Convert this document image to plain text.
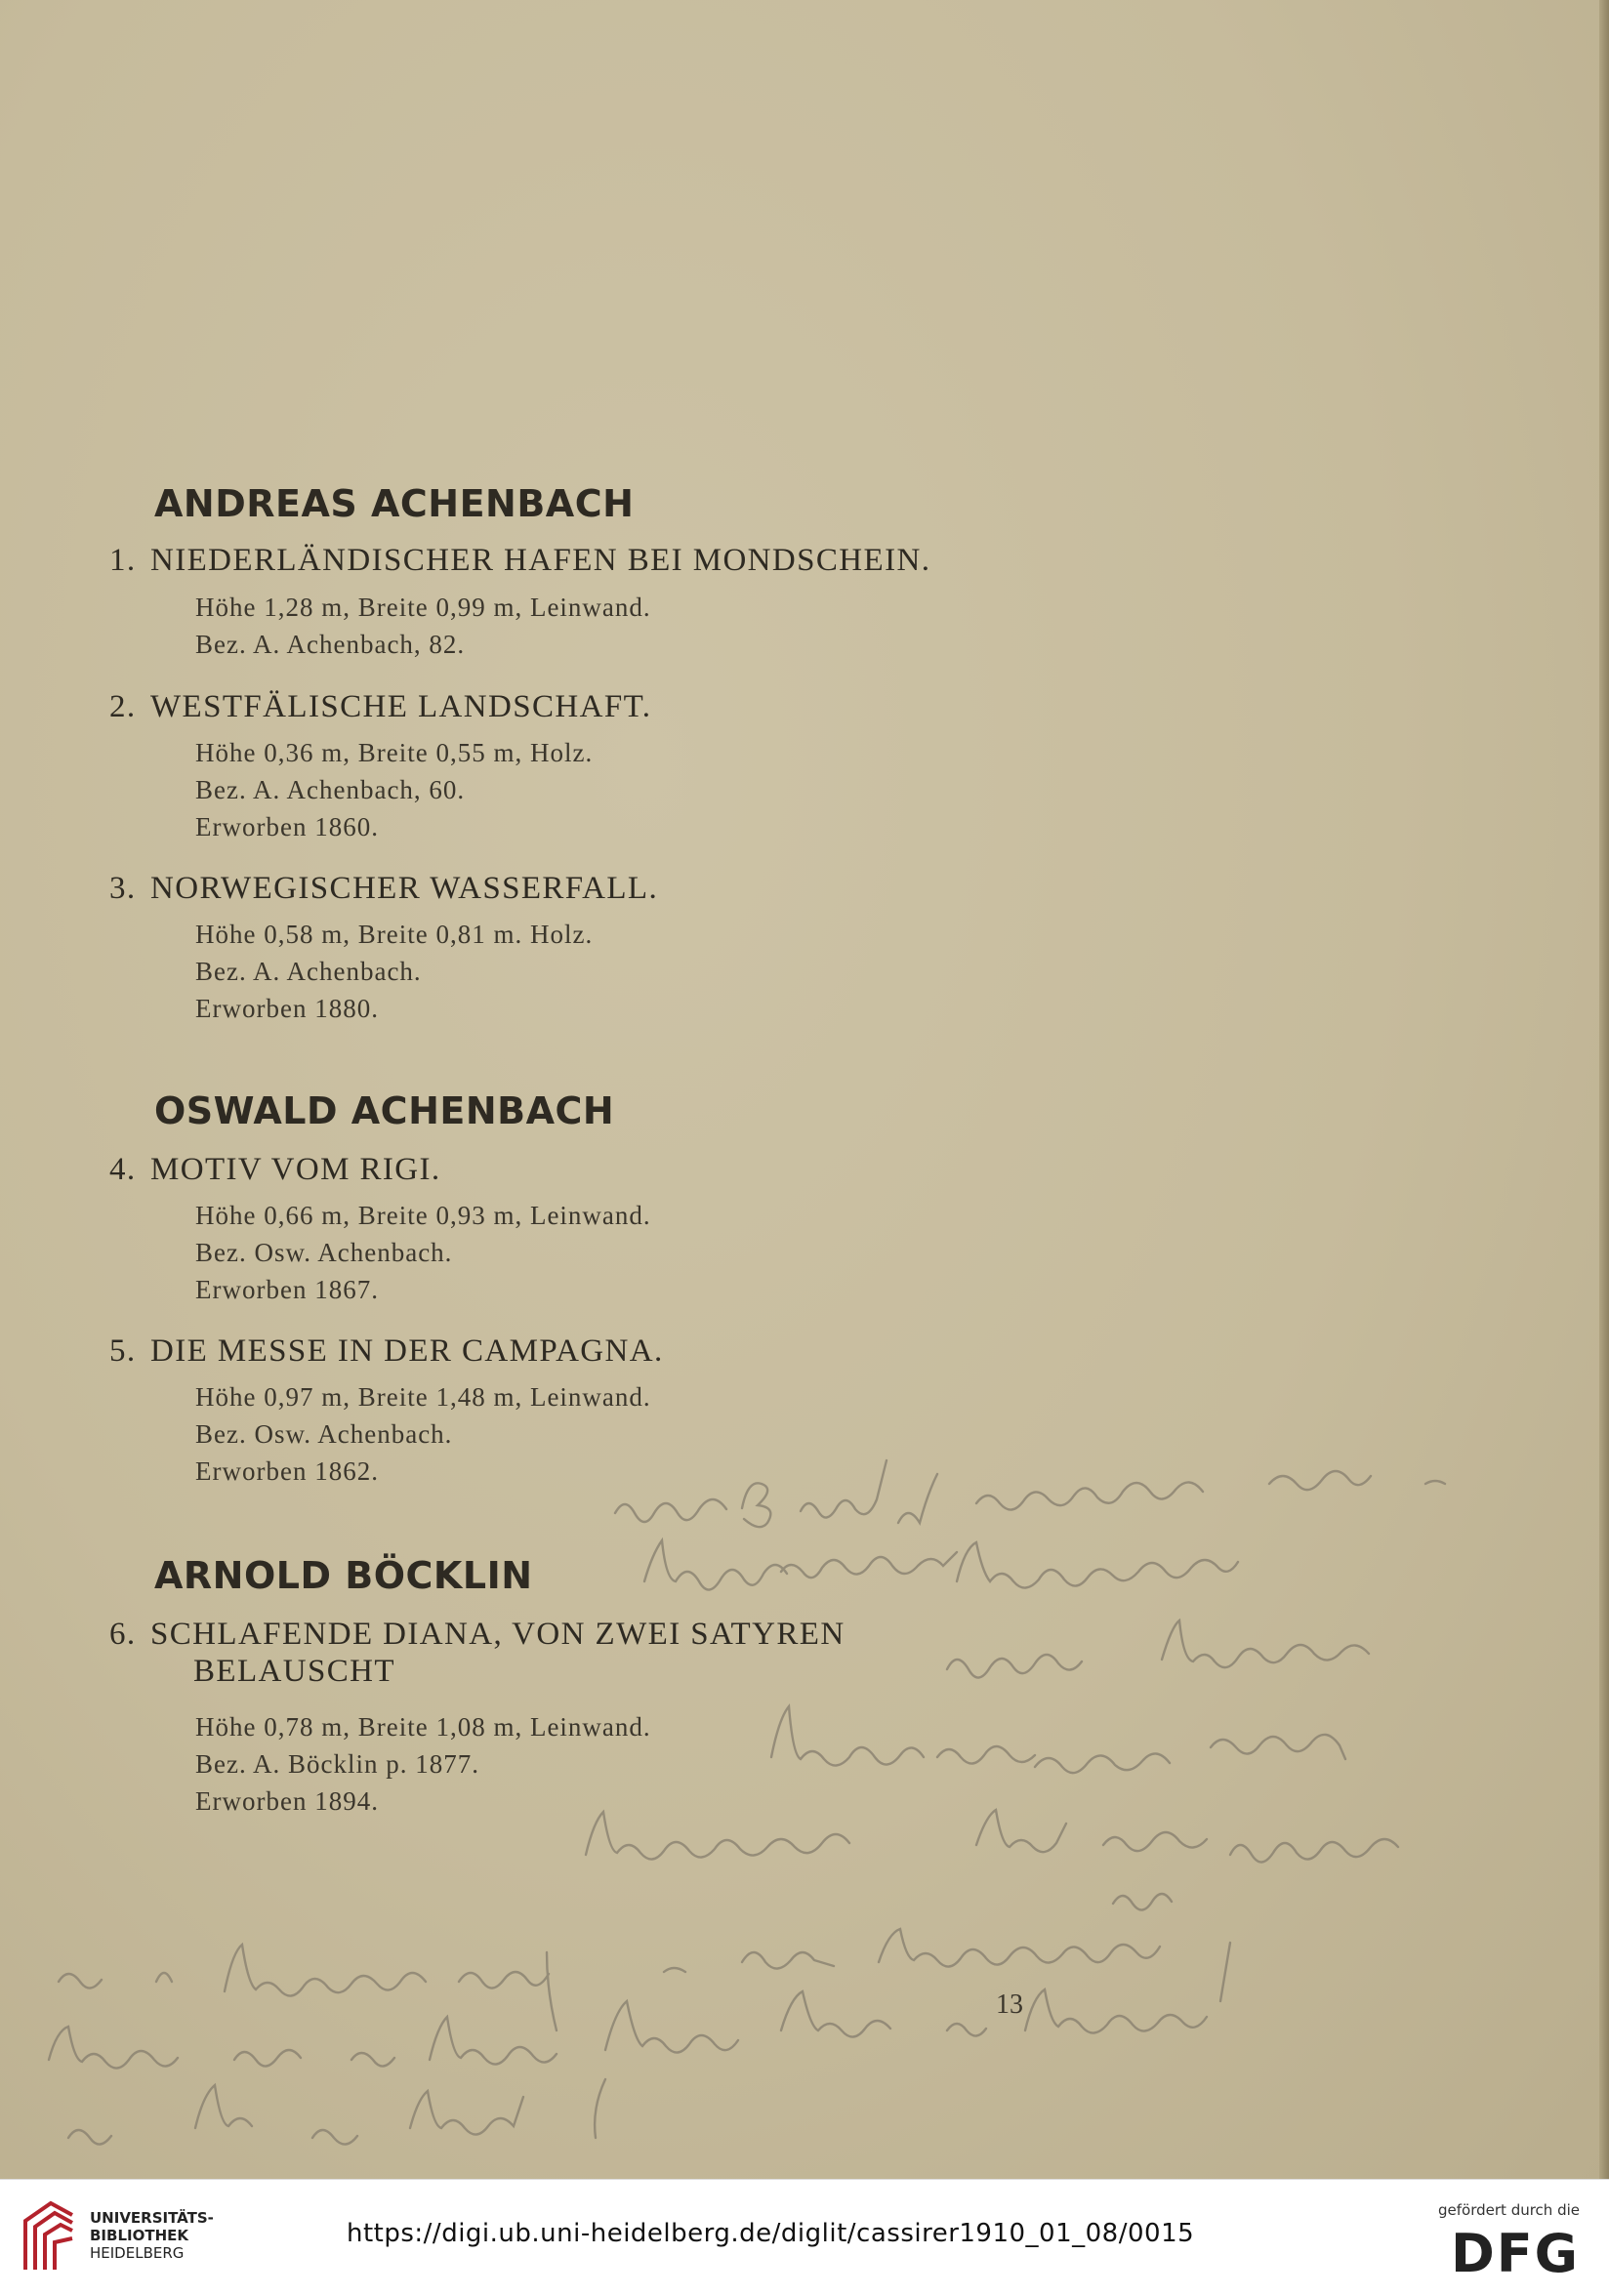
ANDREAS ACHENBACH
1. NIEDERLÄNDISCHER HAFEN BEI MONDSCHEIN.
Höhe 1,28 m, Breite 0,99 m, Leinwand.
Bez. A. Achenbach, 82.
2. WESTFÄLISCHE LANDSCHAFT.
Höhe 0,36 m, Breite 0,55 m, Holz.
Bez. A. Achenbach, 60.
Erworben 1860.
3. NORWEGISCHER WASSERFALL.
Höhe 0,58 m, Breite 0,81 m. Holz.
Bez. A. Achenbach.
Erworben 1880.
OSWALD ACHENBACH
4. MOTIV VOM RIGI.
Höhe 0,66 m, Breite 0,93 m, Leinwand.
Bez. Osw. Achenbach.
Erworben 1867.
5. DIE MESSE IN DER CAMPAGNA.
Höhe 0,97 m, Breite 1,48 m, Leinwand.
Bez. Osw. Achenbach.
Erworben 1862.
ARNOLD BÖCKLIN
6. SCHLAFENDE DIANA, VON ZWEI SATYREN
BELAUSCHT
Höhe 0,78 m, Breite 1,08 m, Leinwand.
Bez. A. Böcklin p. 1877.
Erworben 1894.
13
UNIVERSITÄTS-
BIBLIOTHEK
HEIDELBERG
https://digi.ub.uni-heidelberg.de/diglit/cassirer1910_01_08/0015
gefördert durch die
DFG
